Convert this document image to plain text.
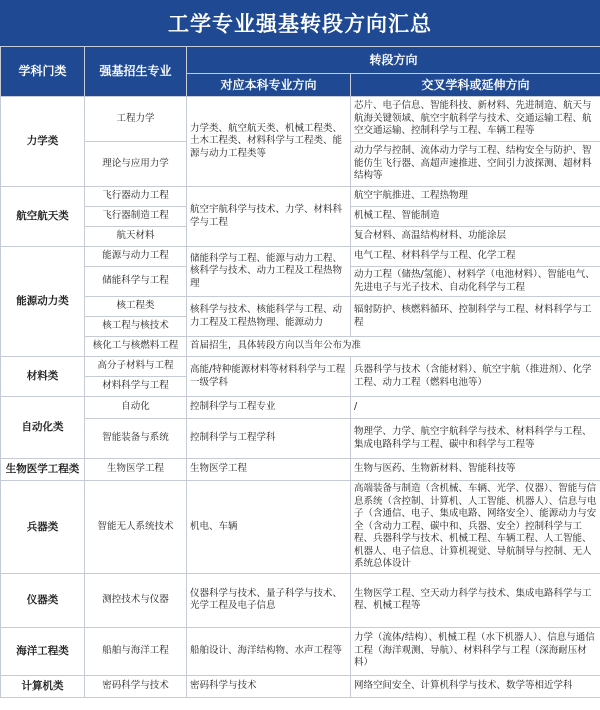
工学专业强基转段方向汇总
学科门类	强基招生专业	转段方向	
		对应本科专业方向	交叉学科或延伸方向
力学类	工程力学	力学类、航空航天类、机械工程类、土木工程类、材料科学与工程类、能源与动力工程类等	芯片、电子信息、智能科技、新材料、先进制造、航天与航海关键领域、航空宇航科学与技术、交通运输工程、航空交通运输、控制科学与工程、车辆工程等
	理论与应用力学		动力学与控制、流体动力学与工程、结构安全与防护、智能仿生飞行器、高超声速推进、空间引力波探测、超材料结构等
航空航天类	飞行器动力工程	航空宇航科学与技术、力学、材料科学与工程	航空宇航推进、工程热物理
	飞行器制造工程		机械工程、智能制造
	航天材料		复合材料、高温结构材料、功能涂层
能源动力类	能源与动力工程	储能科学与工程、能源与动力工程、核科学与技术、动力工程及工程热物理	电气工程、材料科学与工程、化学工程
	储能科学与工程		动力工程（储热/氢能）、材料学（电池材料）、智能电气、先进电子与光子技术、自动化科学与工程
	核工程类	核科学与技术、核能科学与工程、动力工程及工程热物理、能源动力	辐射防护、核燃料循环、控制科学与工程、材料科学与工程
	核工程与核技术		
	核化工与核燃料工程	首届招生，具体转段方向以当年公布为准	
材料类	高分子材料与工程	高能/特种能源材料等材料科学与工程一级学科	兵器科学与技术（含能材料）、航空宇航（推进剂）、化学工程、动力工程（燃料电池等）
	材料科学与工程		
自动化类	自动化	控制科学与工程专业	/
	智能装备与系统	控制科学与工程学科	物理学、力学、航空宇航科学与技术、材料科学与工程、集成电路科学与工程、碳中和科学与工程等
生物医学工程类	生物医学工程	生物医学工程	生物与医药、生物新材料、智能科技等
兵器类	智能无人系统技术	机电、车辆	高端装备与制造（含机械、车辆、光学、仪器）、智能与信息系统（含控制、计算机、人工智能、机器人）、信息与电子（含通信、电子、集成电路、网络安全）、能源动力与安全（含动力工程、碳中和、兵器、安全）控制科学与工程、兵器科学与技术、机械工程、车辆工程、人工智能、机器人、电子信息、计算机视觉、导航制导与控制、无人系统总体设计
仪器类	测控技术与仪器	仪器科学与技术、量子科学与技术、光学工程及电子信息	生物医学工程、空天动力科学与技术、集成电路科学与工程、机械工程等
海洋工程类	船舶与海洋工程	船舶设计、海洋结构物、水声工程等	力学（流体/结构）、机械工程（水下机器人）、信息与通信工程（海洋观测、导航）、材料科学与工程（深海耐压材料）
计算机类	密码科学与技术	密码科学与技术	网络空间安全、计算机科学与技术、数学等相近学科
